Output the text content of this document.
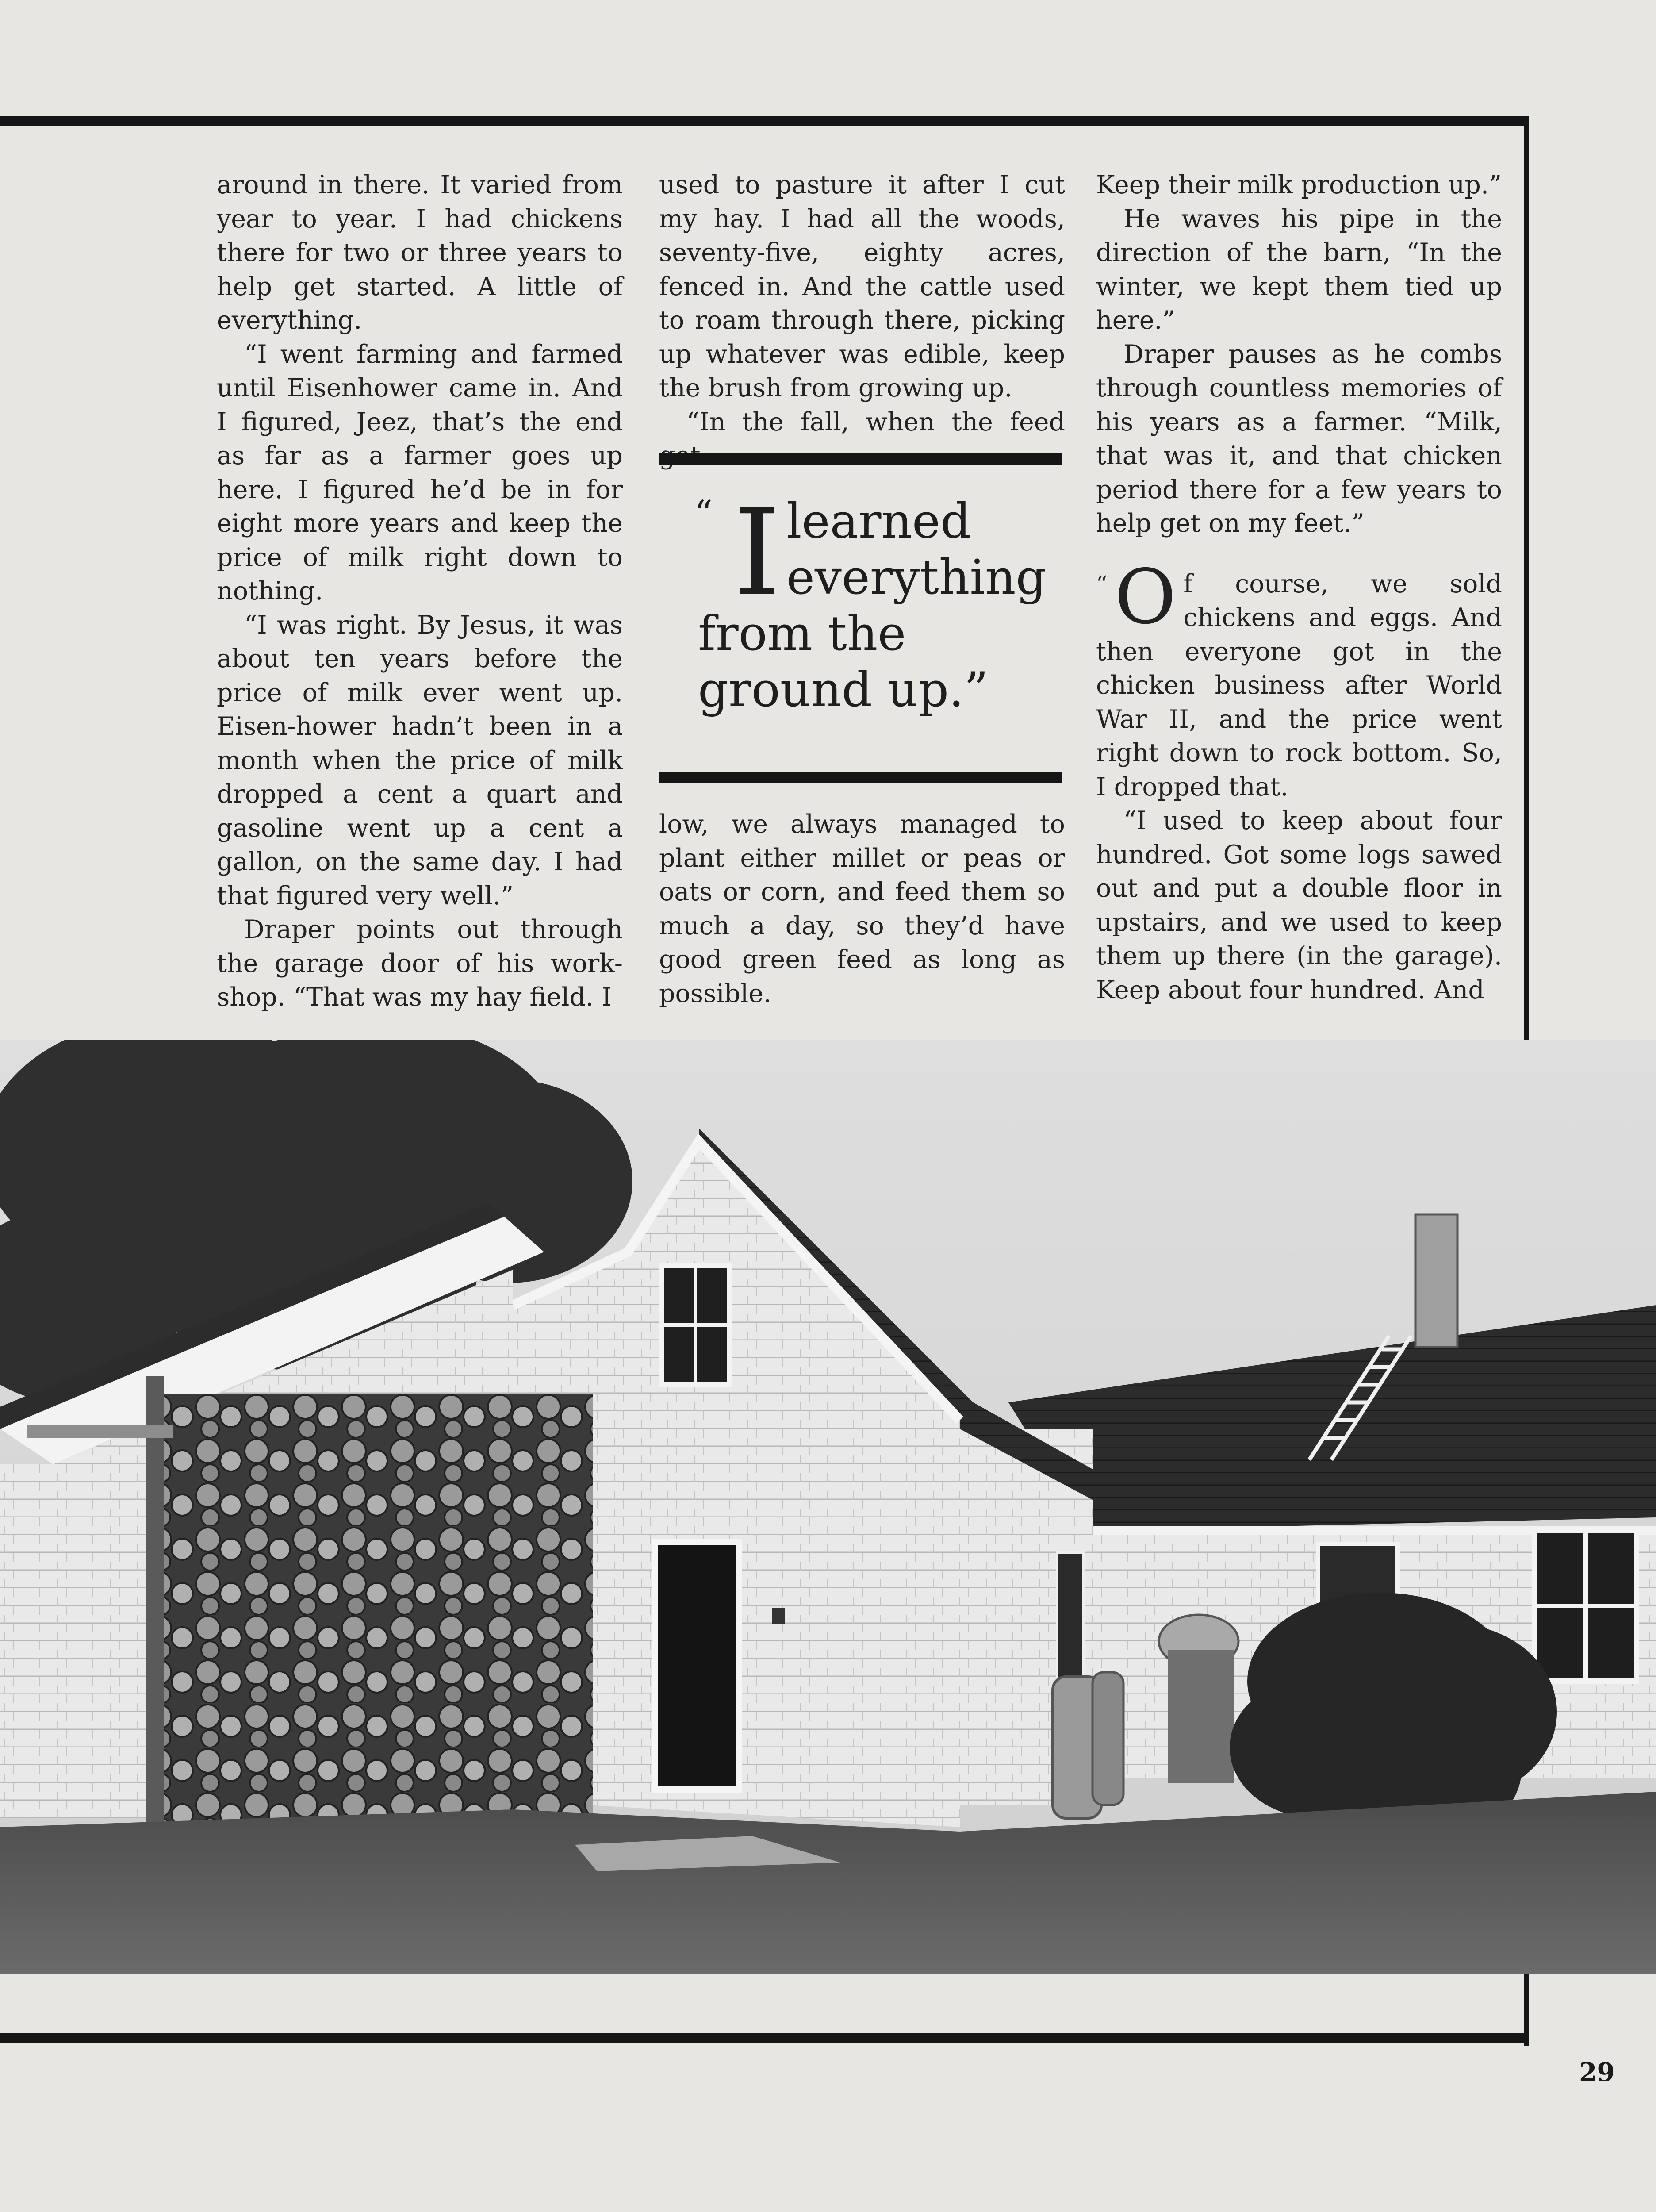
around in there. It varied from year to year. I had chickens there for two or three years to help get started. A little of everything.

“I went farming and farmed until Eisenhower came in. And I figured, Jeez, that’s the end as far as a farmer goes up here. I figured he’d be in for eight more years and keep the price of milk right down to nothing.

“I was right. By Jesus, it was about ten years before the price of milk ever went up. Eisen-hower hadn’t been in a month when the price of milk dropped a cent a quart and gasoline went up a cent a gallon, on the same day. I had that figured very well.”

Draper points out through the garage door of his work-shop. “That was my hay field. I

used to pasture it after I cut my hay. I had all the woods, seventy-five, eighty acres, fenced in. And the cattle used to roam through there, picking up whatever was edible, keep the brush from growing up.

“In the fall, when the feed

“ I learned
everything
from the
ground up.”

low, we always managed to plant either millet or peas or oats or corn, and feed them so much a day, so they’d have good green feed as long as possible.

Keep their milk production up.”

He waves his pipe in the direction of the barn, “In the winter, we kept them tied up here.”

Draper pauses as he combs through countless memories of his years as a farmer. “Milk, that was it, and that chicken period there for a few years to help get on my feet.”

“ O f course, we sold chickens and eggs. And then everyone got in the chicken business after World War II, and the price went right down to rock bottom. So, I dropped that.

“I used to keep about four hundred. Got some logs sawed out and put a double floor in upstairs, and we used to keep them up there (in the garage). Keep about four hundred. And

29
